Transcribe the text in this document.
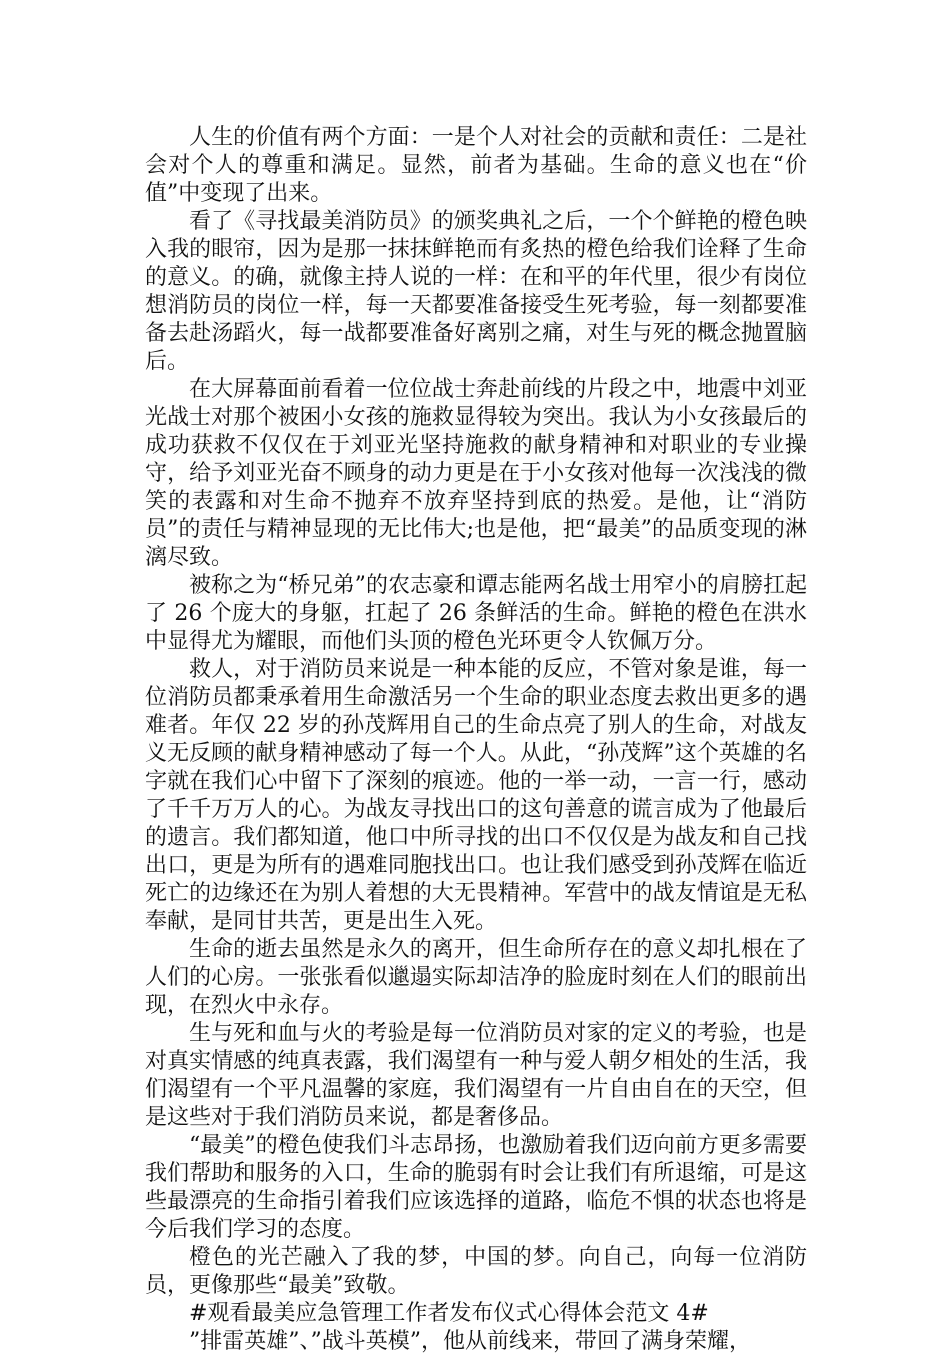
人生的价值有两个方面：一是个人对社会的贡献和责任：二是社会对个人的尊重和满足。显然，前者为基础。生命的意义也在“价值”中变现了出来。

看了《寻找最美消防员》的颁奖典礼之后，一个个鲜艳的橙色映入我的眼帘，因为是那一抹抹鲜艳而有炙热的橙色给我们诠释了生命的意义。的确，就像主持人说的一样：在和平的年代里，很少有岗位想消防员的岗位一样，每一天都要准备接受生死考验，每一刻都要准备去赴汤蹈火，每一战都要准备好离别之痛，对生与死的概念抛置脑后。

在大屏幕面前看着一位位战士奔赴前线的片段之中，地震中刘亚光战士对那个被困小女孩的施救显得较为突出。我认为小女孩最后的成功获救不仅仅在于刘亚光坚持施救的献身精神和对职业的专业操守，给予刘亚光奋不顾身的动力更是在于小女孩对他每一次浅浅的微笑的表露和对生命不抛弃不放弃坚持到底的热爱。是他，让“消防员”的责任与精神显现的无比伟大;也是他，把“最美”的品质变现的淋漓尽致。

被称之为“桥兄弟”的农志豪和谭志能两名战士用窄小的肩膀扛起了 26 个庞大的身躯，扛起了 26 条鲜活的生命。鲜艳的橙色在洪水中显得尤为耀眼，而他们头顶的橙色光环更令人钦佩万分。

救人，对于消防员来说是一种本能的反应，不管对象是谁，每一位消防员都秉承着用生命激活另一个生命的职业态度去救出更多的遇难者。年仅 22 岁的孙茂辉用自己的生命点亮了别人的生命，对战友义无反顾的献身精神感动了每一个人。从此，“孙茂辉”这个英雄的名字就在我们心中留下了深刻的痕迹。他的一举一动，一言一行，感动了千千万万人的心。为战友寻找出口的这句善意的谎言成为了他最后的遗言。我们都知道，他口中所寻找的出口不仅仅是为战友和自己找出口，更是为所有的遇难同胞找出口。也让我们感受到孙茂辉在临近死亡的边缘还在为别人着想的大无畏精神。军营中的战友情谊是无私奉献，是同甘共苦，更是出生入死。

生命的逝去虽然是永久的离开，但生命所存在的意义却扎根在了人们的心房。一张张看似邋遢实际却洁净的脸庞时刻在人们的眼前出现，在烈火中永存。

生与死和血与火的考验是每一位消防员对家的定义的考验，也是对真实情感的纯真表露，我们渴望有一种与爱人朝夕相处的生活，我们渴望有一个平凡温馨的家庭，我们渴望有一片自由自在的天空，但是这些对于我们消防员来说，都是奢侈品。

“最美”的橙色使我们斗志昂扬，也激励着我们迈向前方更多需要我们帮助和服务的入口，生命的脆弱有时会让我们有所退缩，可是这些最漂亮的生命指引着我们应该选择的道路，临危不惧的状态也将是今后我们学习的态度。

橙色的光芒融入了我的梦，中国的梦。向自己，向每一位消防员，更像那些“最美”致敬。

#观看最美应急管理工作者发布仪式心得体会范文 4#

”排雷英雄”、”战斗英模”，他从前线来，带回了满身荣耀，
